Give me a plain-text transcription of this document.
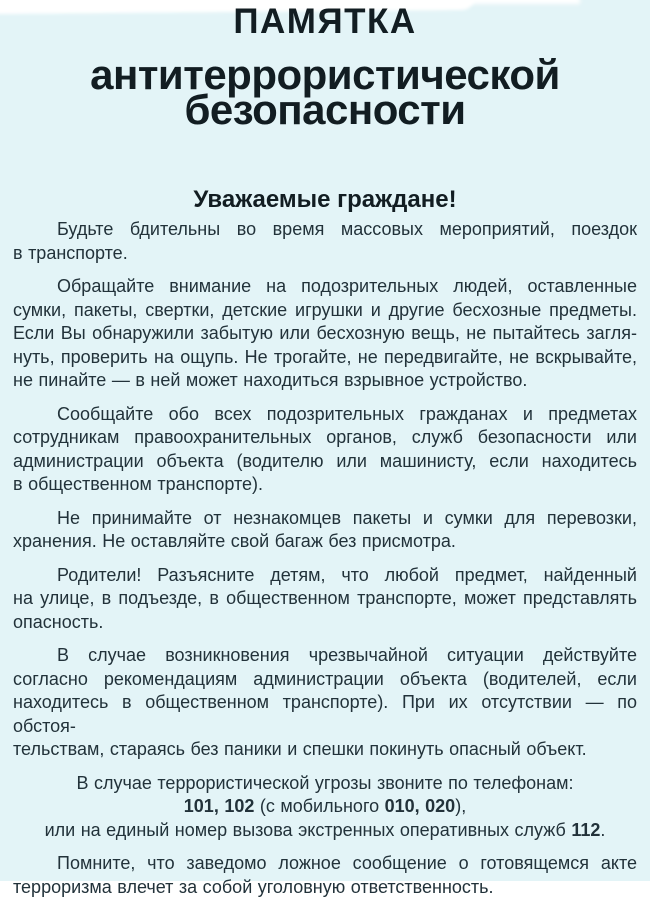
ПАМЯТКА
антитеррористической
безопасности
Уважаемые граждане!
Будьте бдительны во время массовых мероприятий, поездок
в транспорте.
Обращайте внимание на подозрительных людей, оставленные
сумки, пакеты, свертки, детские игрушки и другие бесхозные предметы.
Если Вы обнаружили забытую или бесхозную вещь, не пытайтесь загля-
нуть, проверить на ощупь. Не трогайте, не передвигайте, не вскрывайте,
не пинайте — в ней может находиться взрывное устройство.
Сообщайте обо всех подозрительных гражданах и предметах
сотрудникам правоохранительных органов, служб безопасности или
администрации объекта (водителю или машинисту, если находитесь
в общественном транспорте).
Не принимайте от незнакомцев пакеты и сумки для перевозки,
хранения. Не оставляйте свой багаж без присмотра.
Родители! Разъясните детям, что любой предмет, найденный
на улице, в подъезде, в общественном транспорте, может представлять
опасность.
В случае возникновения чрезвычайной ситуации действуйте
согласно рекомендациям администрации объекта (водителей, если
находитесь в общественном транспорте). При их отсутствии — по обстоя-
тельствам, стараясь без паники и спешки покинуть опасный объект.
В случае террористической угрозы звоните по телефонам:
101, 102 (с мобильного 010, 020),
или на единый номер вызова экстренных оперативных служб 112.
Помните, что заведомо ложное сообщение о готовящемся акте
терроризма влечет за собой уголовную ответственность.
